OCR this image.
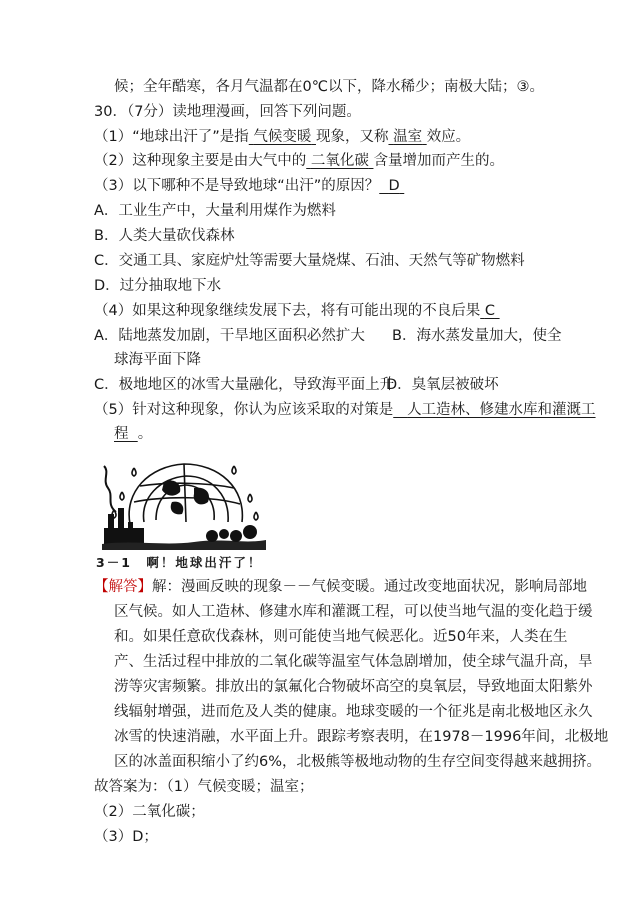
候；全年酷寒，各月气温都在0℃以下，降水稀少；南极大陆；③。
30．（7分）读地理漫画，回答下列问题。
（1）“地球出汗了”是指 气候变暖 现象，又称 温室 效应。
（2）这种现象主要是由大气中的 二氧化碳 含量增加而产生的。
（3）以下哪种不是导致地球“出汗”的原因？ D
A．工业生产中，大量利用煤作为燃料
B．人类大量砍伐森林
C．交通工具、家庭炉灶等需要大量烧煤、石油、天然气等矿物燃料
D．过分抽取地下水
（4）如果这种现象继续发展下去，将有可能出现的不良后果 C
A．陆地蒸发加剧，干旱地区面积必然扩大 B．海水蒸发量加大，使全
球海平面下降
C．极地地区的冰雪大量融化，导致海平面上升
D．臭氧层被破坏
（5）针对这种现象，你认为应该采取的对策是 人工造林、修建水库和灌溉工
程 。
3－1　啊！地球出汗了！
【解答】解：漫画反映的现象－－气候变暖。通过改变地面状况，影响局部地
区气候。如人工造林、修建水库和灌溉工程，可以使当地气温的变化趋于缓
和。如果任意砍伐森林，则可能使当地气候恶化。近50年来，人类在生
产、生活过程中排放的二氧化碳等温室气体急剧增加，使全球气温升高，旱
涝等灾害频繁。排放出的氯氟化合物破坏高空的臭氧层，导致地面太阳紫外
线辐射增强，进而危及人类的健康。地球变暖的一个征兆是南北极地区永久
冰雪的快速消融，水平面上升。跟踪考察表明，在1978－1996年间，北极地
区的冰盖面积缩小了约6%，北极熊等极地动物的生存空间变得越来越拥挤。
故答案为：（1）气候变暖；温室；
（2）二氧化碳；
（3）D；
